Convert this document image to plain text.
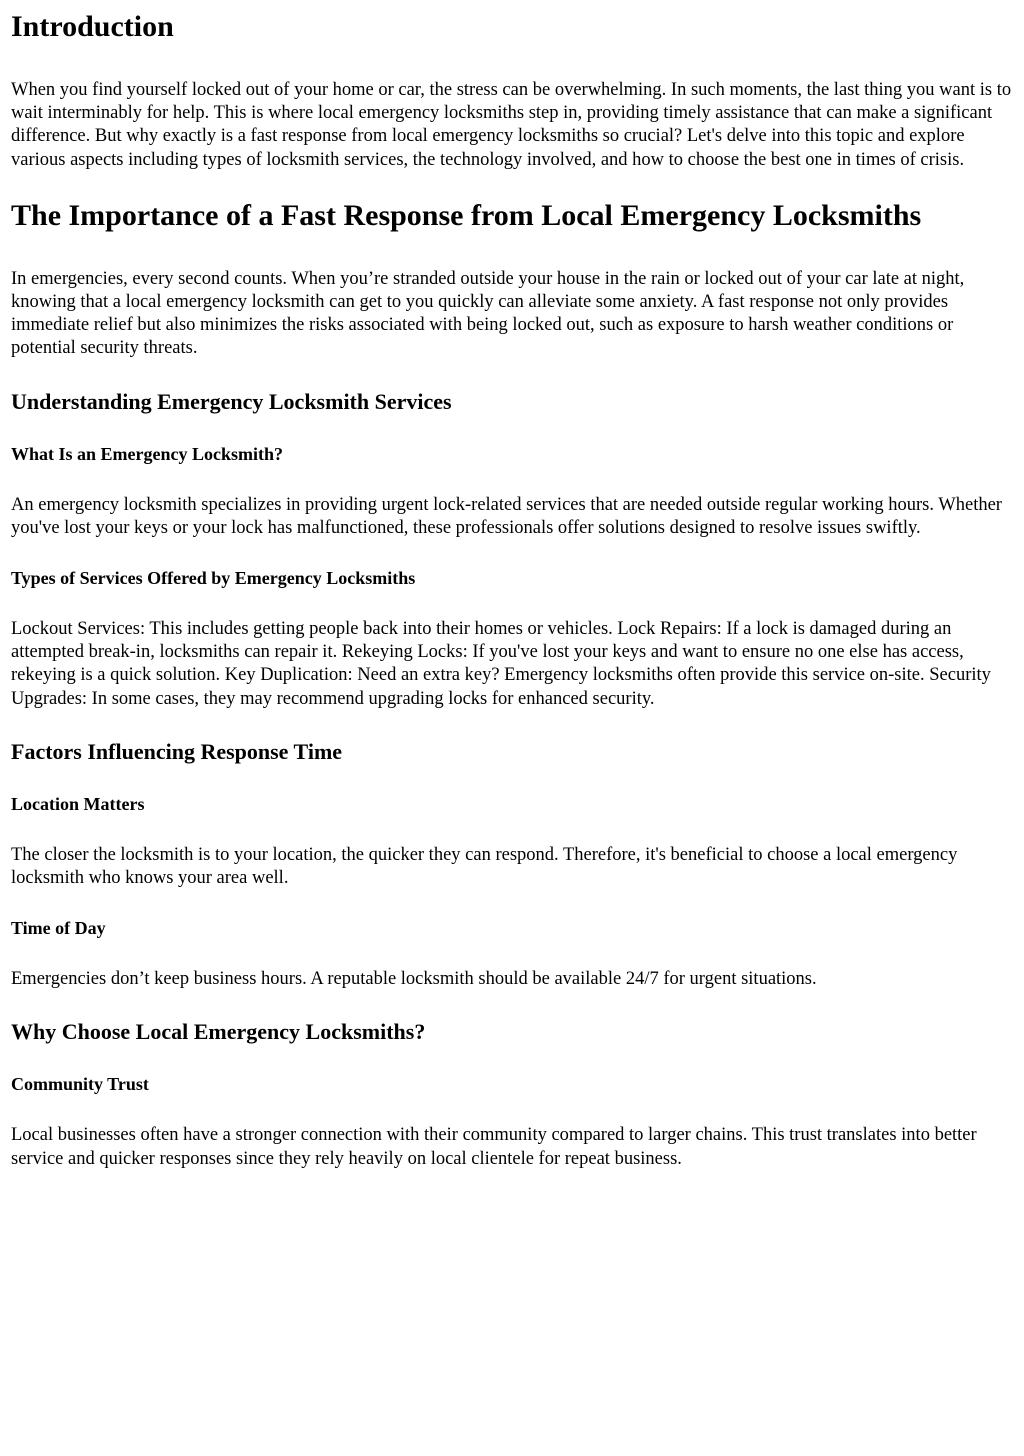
Introduction

When you find yourself locked out of your home or car, the stress can be overwhelming. In such moments, the last thing you want is to wait interminably for help. This is where local emergency locksmiths step in, providing timely assistance that can make a significant difference. But why exactly is a fast response from local emergency locksmiths so crucial? Let's delve into this topic and explore various aspects including types of locksmith services, the technology involved, and how to choose the best one in times of crisis.

The Importance of a Fast Response from Local Emergency Locksmiths

In emergencies, every second counts. When you’re stranded outside your house in the rain or locked out of your car late at night, knowing that a local emergency locksmith can get to you quickly can alleviate some anxiety. A fast response not only provides immediate relief but also minimizes the risks associated with being locked out, such as exposure to harsh weather conditions or potential security threats.

Understanding Emergency Locksmith Services
What Is an Emergency Locksmith?

An emergency locksmith specializes in providing urgent lock-related services that are needed outside regular working hours. Whether you've lost your keys or your lock has malfunctioned, these professionals offer solutions designed to resolve issues swiftly.

Types of Services Offered by Emergency Locksmiths

Lockout Services: This includes getting people back into their homes or vehicles. Lock Repairs: If a lock is damaged during an attempted break-in, locksmiths can repair it. Rekeying Locks: If you've lost your keys and want to ensure no one else has access, rekeying is a quick solution. Key Duplication: Need an extra key? Emergency locksmiths often provide this service on-site. Security Upgrades: In some cases, they may recommend upgrading locks for enhanced security.

Factors Influencing Response Time
Location Matters

The closer the locksmith is to your location, the quicker they can respond. Therefore, it's beneficial to choose a local emergency locksmith who knows your area well.

Time of Day

Emergencies don’t keep business hours. A reputable locksmith should be available 24/7 for urgent situations.

Why Choose Local Emergency Locksmiths?
Community Trust

Local businesses often have a stronger connection with their community compared to larger chains. This trust translates into better service and quicker responses since they rely heavily on local clientele for repeat business.
